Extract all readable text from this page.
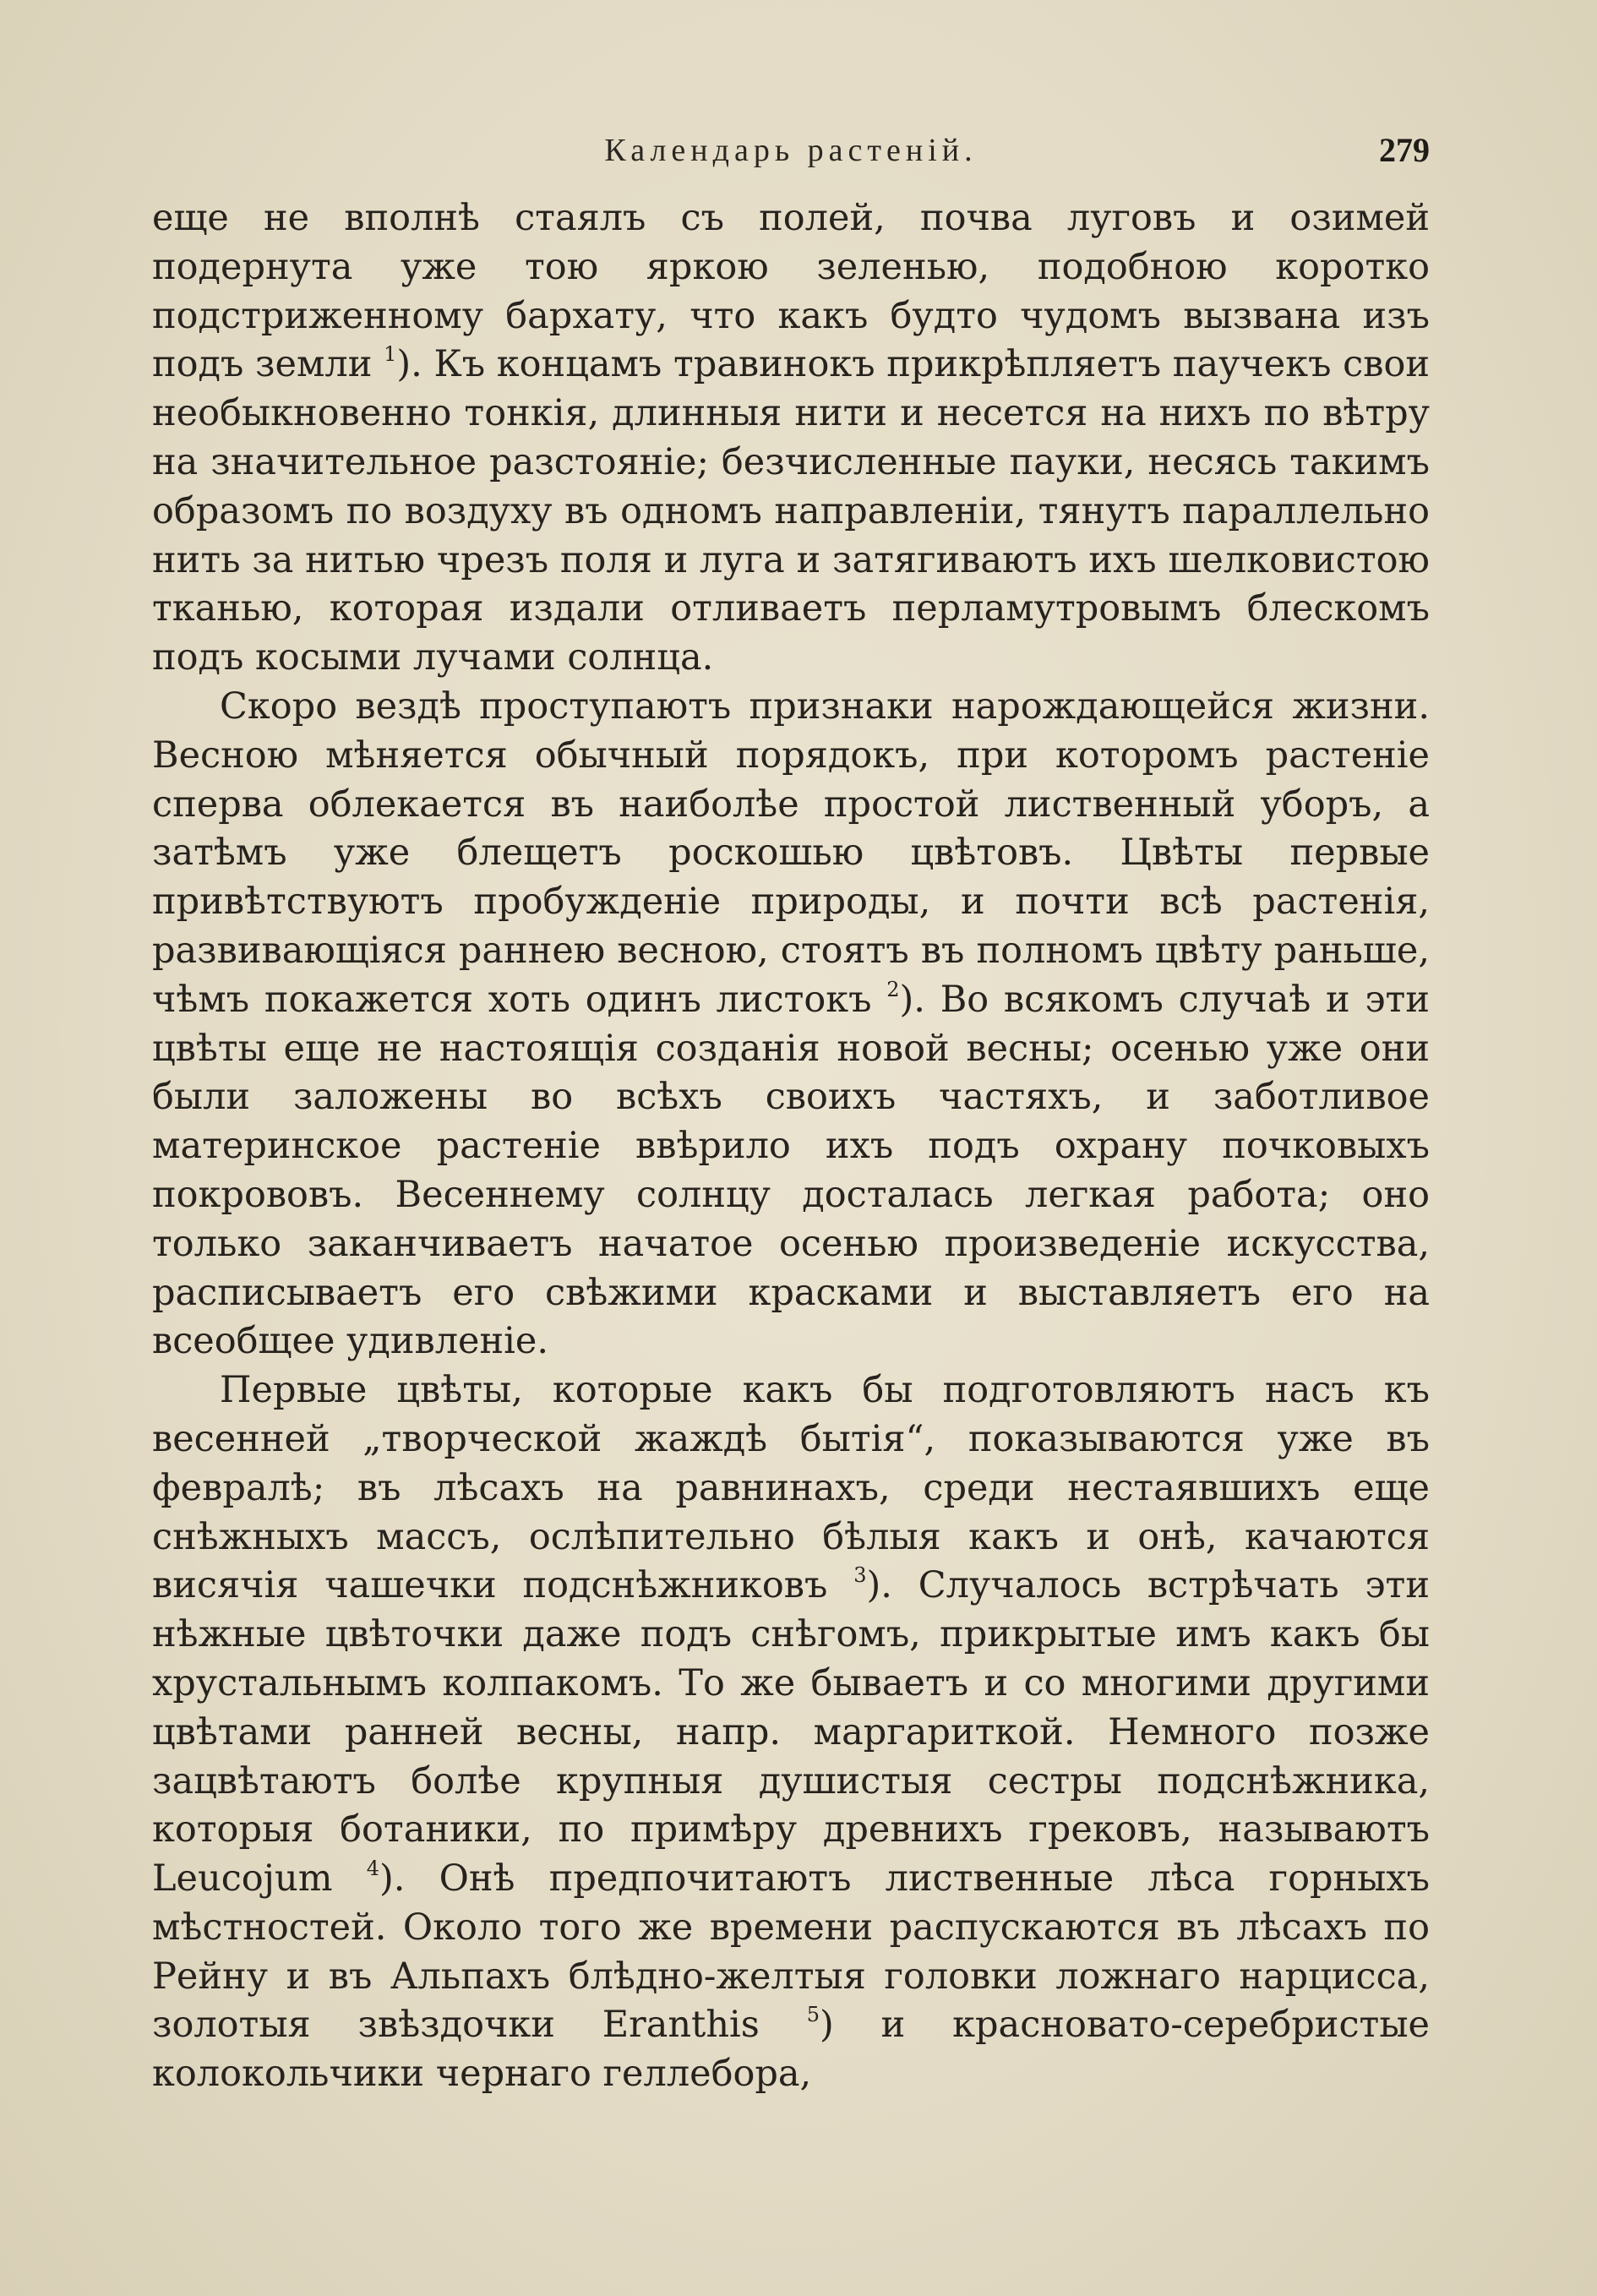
Календарь растеній.	279

еще не вполнѣ стаялъ съ полей, почва луговъ и озимей подернута уже тою яркою зеленью, подобною коротко подстриженному бархату, что какъ будто чудомъ вызвана изъ подъ земли $^1$). Къ концамъ травинокъ прикрѣпляетъ паучекъ свои необыкновенно тонкія, длинныя нити и несется на нихъ по вѣтру на значительное разстояніе; безчисленные пауки, несясь такимъ образомъ по воздуху въ одномъ направленіи, тянутъ параллельно нить за нитью чрезъ поля и луга и затягиваютъ ихъ шелковистою тканью, которая издали отливаетъ перламутровымъ блескомъ подъ косыми лучами солнца.

Скоро вездѣ проступаютъ признаки нарождающейся жизни. Весною мѣняется обычный порядокъ, при которомъ растеніе сперва облекается въ наиболѣе простой лиственный уборъ, а затѣмъ уже блещетъ роскошью цвѣтовъ. Цвѣты первые привѣтствуютъ пробужденіе природы, и почти всѣ растенія, развивающіяся раннею весною, стоятъ въ полномъ цвѣту раньше, чѣмъ покажется хоть одинъ листокъ $^2$). Во всякомъ случаѣ и эти цвѣты еще не настоящія созданія новой весны; осенью уже они были заложены во всѣхъ своихъ частяхъ, и заботливое материнское растеніе ввѣрило ихъ подъ охрану почковыхъ покрововъ. Весеннему солнцу досталась легкая работа; оно только заканчиваетъ начатое осенью произведеніе искусства, расписываетъ его свѣжими красками и выставляетъ его на всеобщее удивленіе.

Первые цвѣты, которые какъ бы подготовляютъ насъ къ весенней „творческой жаждѣ бытія“, показываются уже въ февралѣ; въ лѣсахъ на равнинахъ, среди нестаявшихъ еще снѣжныхъ массъ, ослѣпительно бѣлыя какъ и онѣ, качаются висячія чашечки подснѣжниковъ $^3$). Случалось встрѣчать эти нѣжные цвѣточки даже подъ снѣгомъ, прикрытые имъ какъ бы хрустальнымъ колпакомъ. То же бываетъ и со многими другими цвѣтами ранней весны, напр. маргариткой. Немного позже зацвѣтаютъ болѣе крупныя душистыя сестры подснѣжника, которыя ботаники, по примѣру древнихъ грековъ, называютъ Leucojum $^4$). Онѣ предпочитаютъ лиственные лѣса горныхъ мѣстностей. Около того же времени распускаются въ лѣсахъ по Рейну и въ Альпахъ блѣдно-желтыя головки ложнаго нарцисса, золотыя звѣздочки Eranthis $^5$) и красновато-серебристые колокольчики чернаго геллебора,
